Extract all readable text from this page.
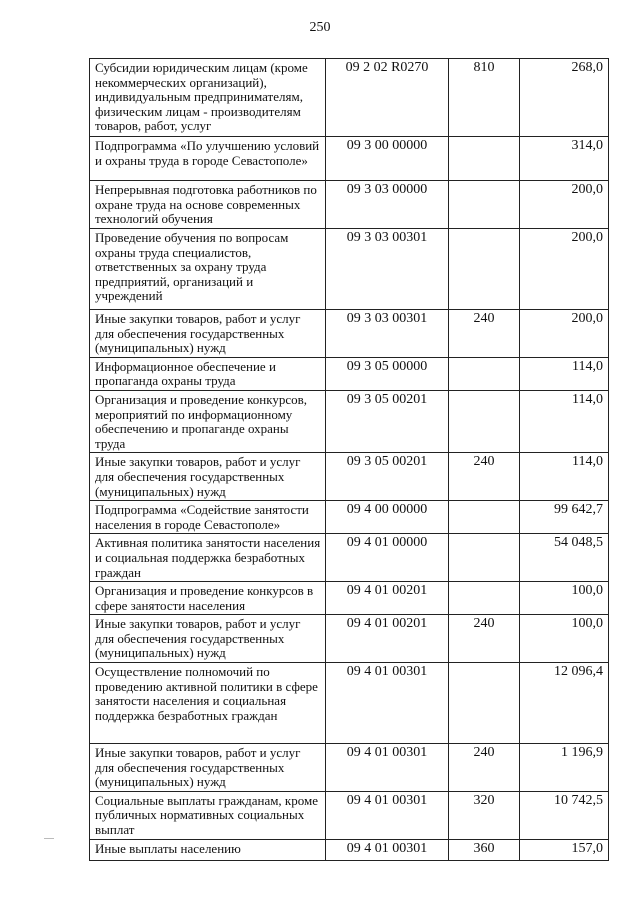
250
Субсидии юридическим лицам (кроме некоммерческих организаций), индивидуальным предпринимателям, физическим лицам - производителям товаров, работ, услуг	09 2 02 R0270	810	268,0
Подпрограмма «По улучшению условий и охраны труда в городе Севастополе»	09 3 00 00000		314,0
Непрерывная подготовка работников по охране труда на основе современных технологий обучения	09 3 03 00000		200,0
Проведение обучения по вопросам охраны труда специалистов, ответственных за охрану труда предприятий, организаций и учреждений	09 3 03 00301		200,0
Иные закупки товаров, работ и услуг для обеспечения государственных (муниципальных) нужд	09 3 03 00301	240	200,0
Информационное обеспечение и пропаганда охраны труда	09 3 05 00000		114,0
Организация и проведение конкурсов, мероприятий по информационному обеспечению и пропаганде охраны труда	09 3 05 00201		114,0
Иные закупки товаров, работ и услуг для обеспечения государственных (муниципальных) нужд	09 3 05 00201	240	114,0
Подпрограмма «Содействие занятости населения в городе Севастополе»	09 4 00 00000		99 642,7
Активная политика занятости населения и социальная поддержка безработных граждан	09 4 01 00000		54 048,5
Организация и проведение конкурсов в сфере занятости населения	09 4 01 00201		100,0
Иные закупки товаров, работ и услуг для обеспечения государственных (муниципальных) нужд	09 4 01 00201	240	100,0
Осуществление полномочий по проведению активной политики в сфере занятости населения и социальная поддержка безработных граждан	09 4 01 00301		12 096,4
Иные закупки товаров, работ и услуг для обеспечения государственных (муниципальных) нужд	09 4 01 00301	240	1 196,9
Социальные выплаты гражданам, кроме публичных нормативных социальных выплат	09 4 01 00301	320	10 742,5
Иные выплаты населению	09 4 01 00301	360	157,0
